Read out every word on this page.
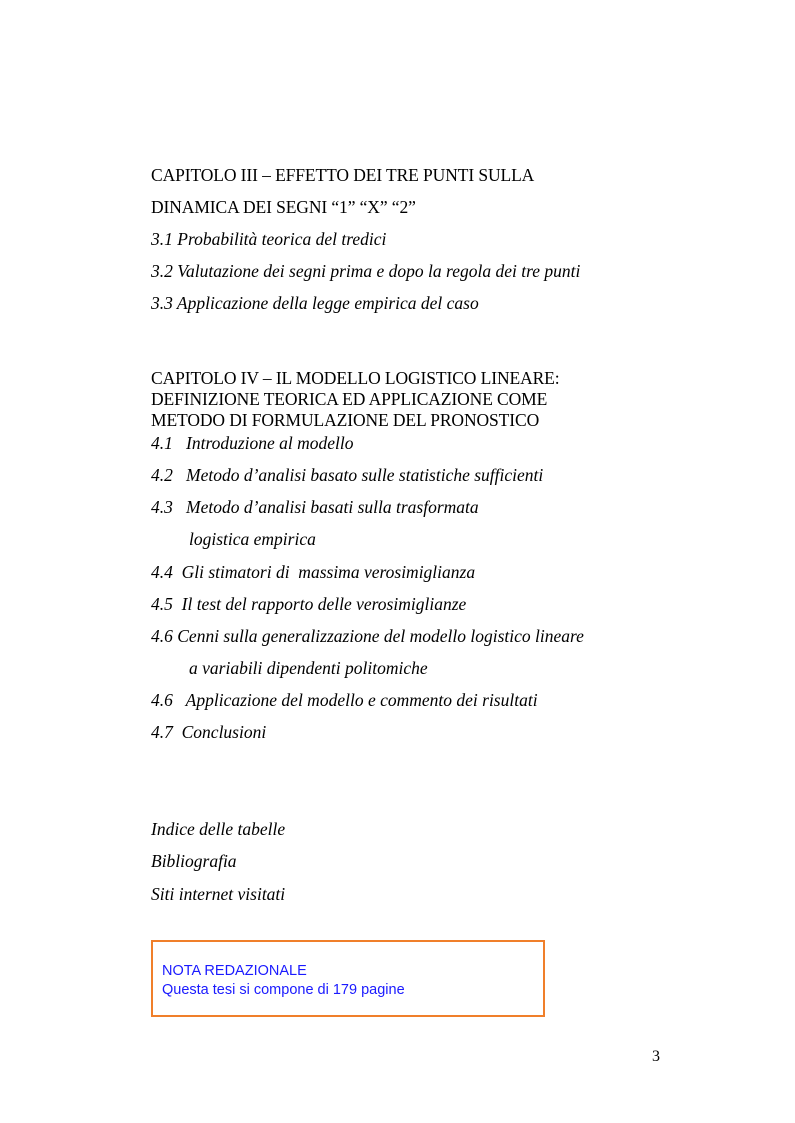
CAPITOLO III – EFFETTO DEI TRE PUNTI SULLA
DINAMICA DEI SEGNI “1” “X” “2”
3.1 Probabilità teorica del tredici
3.2 Valutazione dei segni prima e dopo la regola dei tre punti
3.3 Applicazione della legge empirica del caso
CAPITOLO IV – IL MODELLO LOGISTICO LINEARE:
DEFINIZIONE TEORICA ED APPLICAZIONE COME
METODO DI FORMULAZIONE DEL PRONOSTICO
4.1   Introduzione al modello
4.2   Metodo d’analisi basato sulle statistiche sufficienti
4.3   Metodo d’analisi basati sulla trasformata
logistica empirica
4.4  Gli stimatori di  massima verosimiglianza
4.5  Il test del rapporto delle verosimiglianze
4.6 Cenni sulla generalizzazione del modello logistico lineare
a variabili dipendenti politomiche
4.6   Applicazione del modello e commento dei risultati
4.7  Conclusioni
Indice delle tabelle
Bibliografia
Siti internet visitati
NOTA REDAZIONALE
Questa tesi si compone di 179 pagine
3
